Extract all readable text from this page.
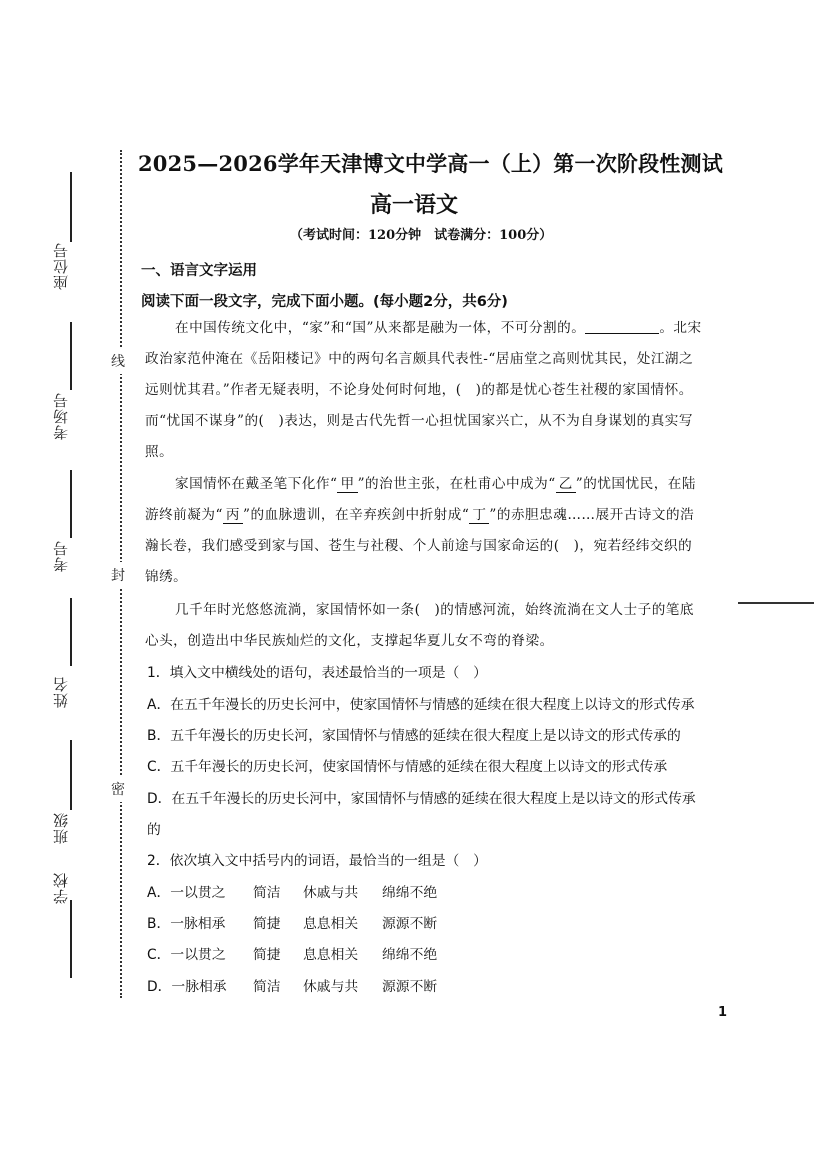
座位号
考场号
考号
姓名
班级
学校
线
封
密
2025—2026学年天津博文中学高一（上）第一次阶段性测试
高一语文
（考试时间：120分钟　试卷满分：100分）
一、语言文字运用
阅读下面一段文字，完成下面小题。(每小题2分，共6分)
在中国传统文化中，“家”和“国”从来都是融为一体，不可分割的。	。北宋政治家范仲淹在《岳阳楼记》中的两句名言颇具代表性-“居庙堂之高则忧其民，处江湖之远则忧其君。”作者无疑表明，不论身处何时何地，(　)的都是忧心苍生社稷的家国情怀。而“忧国不谋身”的(　)表达，则是古代先哲一心担忧国家兴亡，从不为自身谋划的真实写照。
家国情怀在戴圣笔下化作“ 甲 ”的治世主张，在杜甫心中成为“ 乙 ”的忧国忧民，在陆游终前凝为“ 丙 ”的血脉遗训，在辛弃疾剑中折射成“ 丁 ”的赤胆忠魂……展开古诗文的浩瀚长卷，我们感受到家与国、苍生与社稷、个人前途与国家命运的(　)，宛若经纬交织的锦绣。
几千年时光悠悠流淌，家国情怀如一条(　)的情感河流，始终流淌在文人士子的笔底心头，创造出中华民族灿烂的文化，支撑起华夏儿女不弯的脊梁。
1．填入文中横线处的语句，表述最恰当的一项是（　）
A．在五千年漫长的历史长河中，使家国情怀与情感的延续在很大程度上以诗文的形式传承
B．五千年漫长的历史长河，家国情怀与情感的延续在很大程度上是以诗文的形式传承的
C．五千年漫长的历史长河，使家国情怀与情感的延续在很大程度上以诗文的形式传承
D．在五千年漫长的历史长河中，家国情怀与情感的延续在很大程度上是以诗文的形式传承
的
2．依次填入文中括号内的词语，最恰当的一组是（　）
A．一以贯之 简洁 休戚与共 绵绵不绝
B．一脉相承 简捷 息息相关 源源不断
C．一以贯之 简捷 息息相关 绵绵不绝
D．一脉相承 简洁 休戚与共 源源不断
1
